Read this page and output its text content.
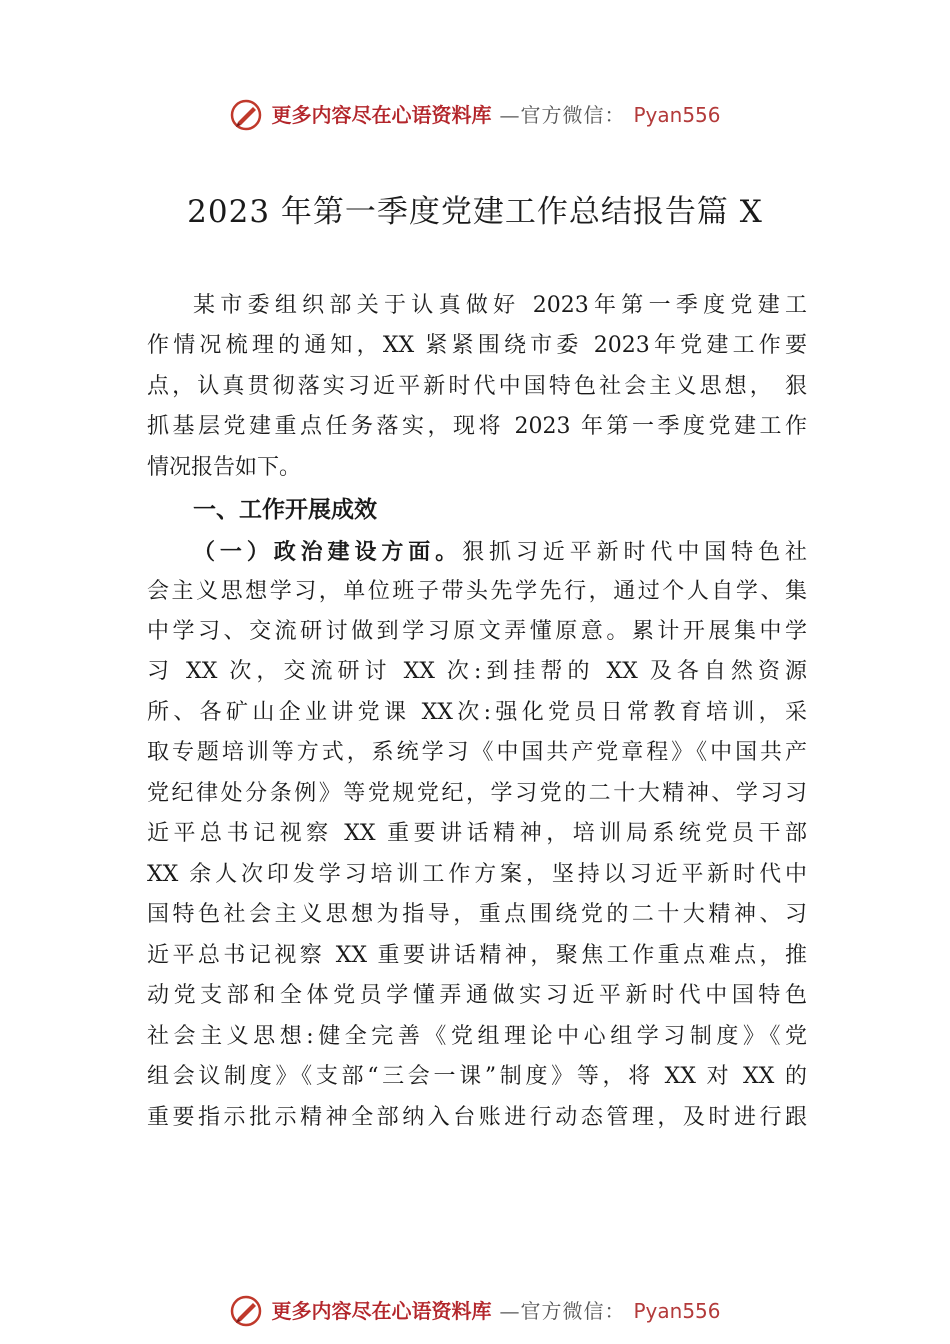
更多内容尽在心语资料库 —官方微信： Pyan556
2023 年第一季度党建工作总结报告篇 X
某市委组织部关于认真做好 2023年第一季度党建工
作情况梳理的通知，XX 紧紧围绕市委 2023年党建工作要
点，认真贯彻落实习近平新时代中国特色社会主义思想， 狠
抓基层党建重点任务落实，现将 2023 年第一季度党建工作
情况报告如下。
一、工作开展成效
（一）政治建设方面。狠抓习近平新时代中国特色社
会主义思想学习，单位班子带头先学先行，通过个人自学、集
中学习、交流研讨做到学习原文弄懂原意。累计开展集中学
习 XX 次，交流研讨 XX 次:到挂帮的 XX 及各自然资源
所、各矿山企业讲党课 XX次:强化党员日常教育培训，采
取专题培训等方式，系统学习《中国共产党章程》《中国共产
党纪律处分条例》等党规党纪，学习党的二十大精神、学习习
近平总书记视察 XX 重要讲话精神，培训局系统党员干部
XX 余人次印发学习培训工作方案，坚持以习近平新时代中
国特色社会主义思想为指导，重点围绕党的二十大精神、习
近平总书记视察 XX 重要讲话精神，聚焦工作重点难点，推
动党支部和全体党员学懂弄通做实习近平新时代中国特色
社会主义思想:健全完善《党组理论中心组学习制度》《党
组会议制度》《支部“三会一课”制度》等，将 XX 对 XX 的
重要指示批示精神全部纳入台账进行动态管理，及时进行跟
更多内容尽在心语资料库 —官方微信： Pyan556
